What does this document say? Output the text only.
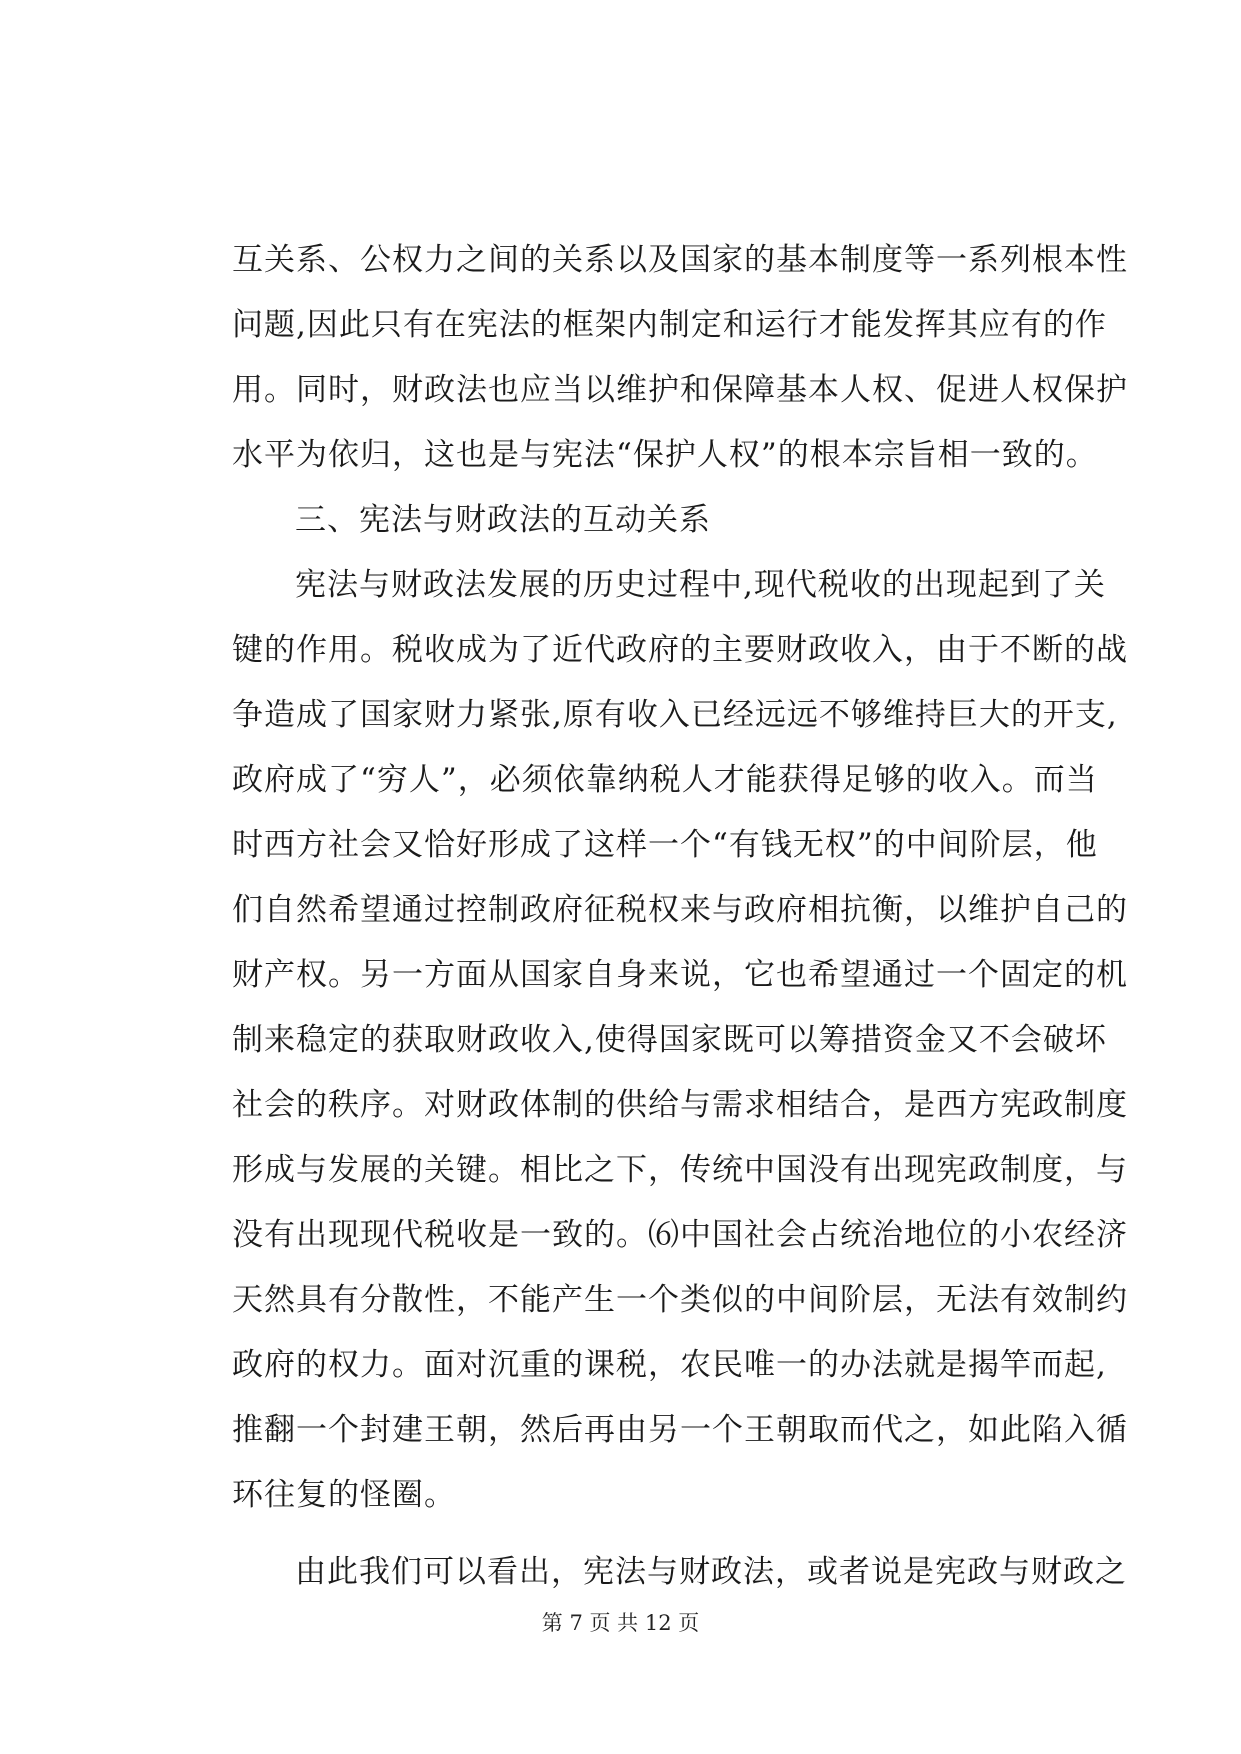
互关系、公权力之间的关系以及国家的基本制度等一系列根本性
问题,因此只有在宪法的框架内制定和运行才能发挥其应有的作
用。同时，财政法也应当以维护和保障基本人权、促进人权保护
水平为依归，这也是与宪法“保护人权”的根本宗旨相一致的。
三、宪法与财政法的互动关系
宪法与财政法发展的历史过程中,现代税收的出现起到了关
键的作用。税收成为了近代政府的主要财政收入，由于不断的战
争造成了国家财力紧张,原有收入已经远远不够维持巨大的开支,
政府成了“穷人”，必须依靠纳税人才能获得足够的收入。而当
时西方社会又恰好形成了这样一个“有钱无权”的中间阶层，他
们自然希望通过控制政府征税权来与政府相抗衡，以维护自己的
财产权。另一方面从国家自身来说，它也希望通过一个固定的机
制来稳定的获取财政收入,使得国家既可以筹措资金又不会破坏
社会的秩序。对财政体制的供给与需求相结合，是西方宪政制度
形成与发展的关键。相比之下，传统中国没有出现宪政制度，与
没有出现现代税收是一致的。⑹中国社会占统治地位的小农经济
天然具有分散性，不能产生一个类似的中间阶层，无法有效制约
政府的权力。面对沉重的课税，农民唯一的办法就是揭竿而起,
推翻一个封建王朝，然后再由另一个王朝取而代之，如此陷入循
环往复的怪圈。
由此我们可以看出，宪法与财政法，或者说是宪政与财政之
第 7 页 共 12 页
